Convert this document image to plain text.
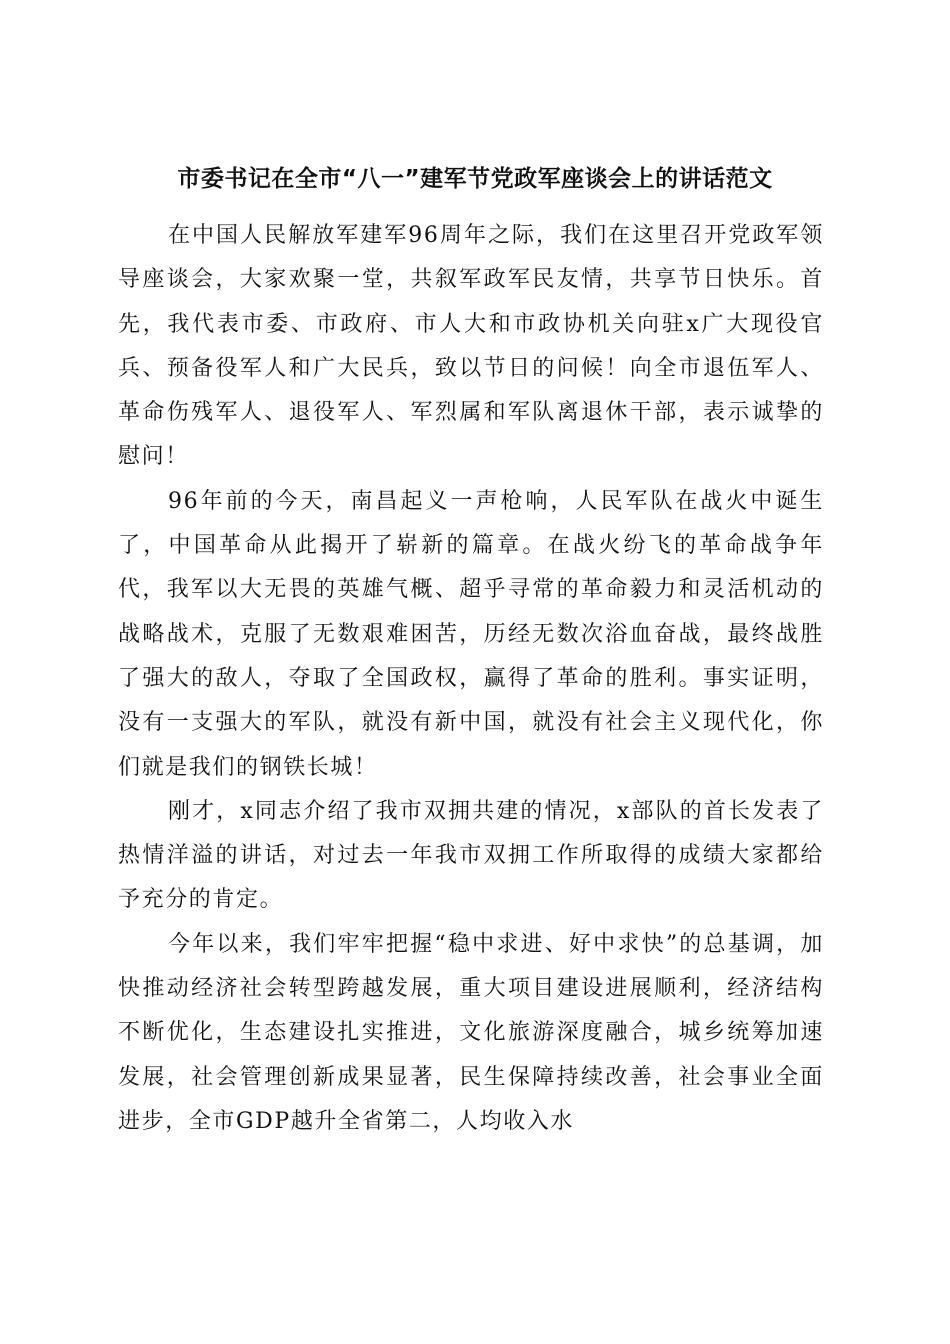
市委书记在全市“八一”建军节党政军座谈会上的讲话范文

在中国人民解放军建军96周年之际，我们在这里召开党政军领导座谈会，大家欢聚一堂，共叙军政军民友情，共享节日快乐。首先，我代表市委、市政府、市人大和市政协机关向驻x广大现役官兵、预备役军人和广大民兵，致以节日的问候！向全市退伍军人、革命伤残军人、退役军人、军烈属和军队离退休干部，表示诚挚的慰问！

96年前的今天，南昌起义一声枪响，人民军队在战火中诞生了，中国革命从此揭开了崭新的篇章。在战火纷飞的革命战争年代，我军以大无畏的英雄气概、超乎寻常的革命毅力和灵活机动的战略战术，克服了无数艰难困苦，历经无数次浴血奋战，最终战胜了强大的敌人，夺取了全国政权，赢得了革命的胜利。事实证明，没有一支强大的军队，就没有新中国，就没有社会主义现代化，你们就是我们的钢铁长城！

刚才，x同志介绍了我市双拥共建的情况，x部队的首长发表了热情洋溢的讲话，对过去一年我市双拥工作所取得的成绩大家都给予充分的肯定。

今年以来，我们牢牢把握“稳中求进、好中求快”的总基调，加快推动经济社会转型跨越发展，重大项目建设进展顺利，经济结构不断优化，生态建设扎实推进，文化旅游深度融合，城乡统筹加速发展，社会管理创新成果显著，民生保障持续改善，社会事业全面进步，全市GDP越升全省第二，人均收入水
